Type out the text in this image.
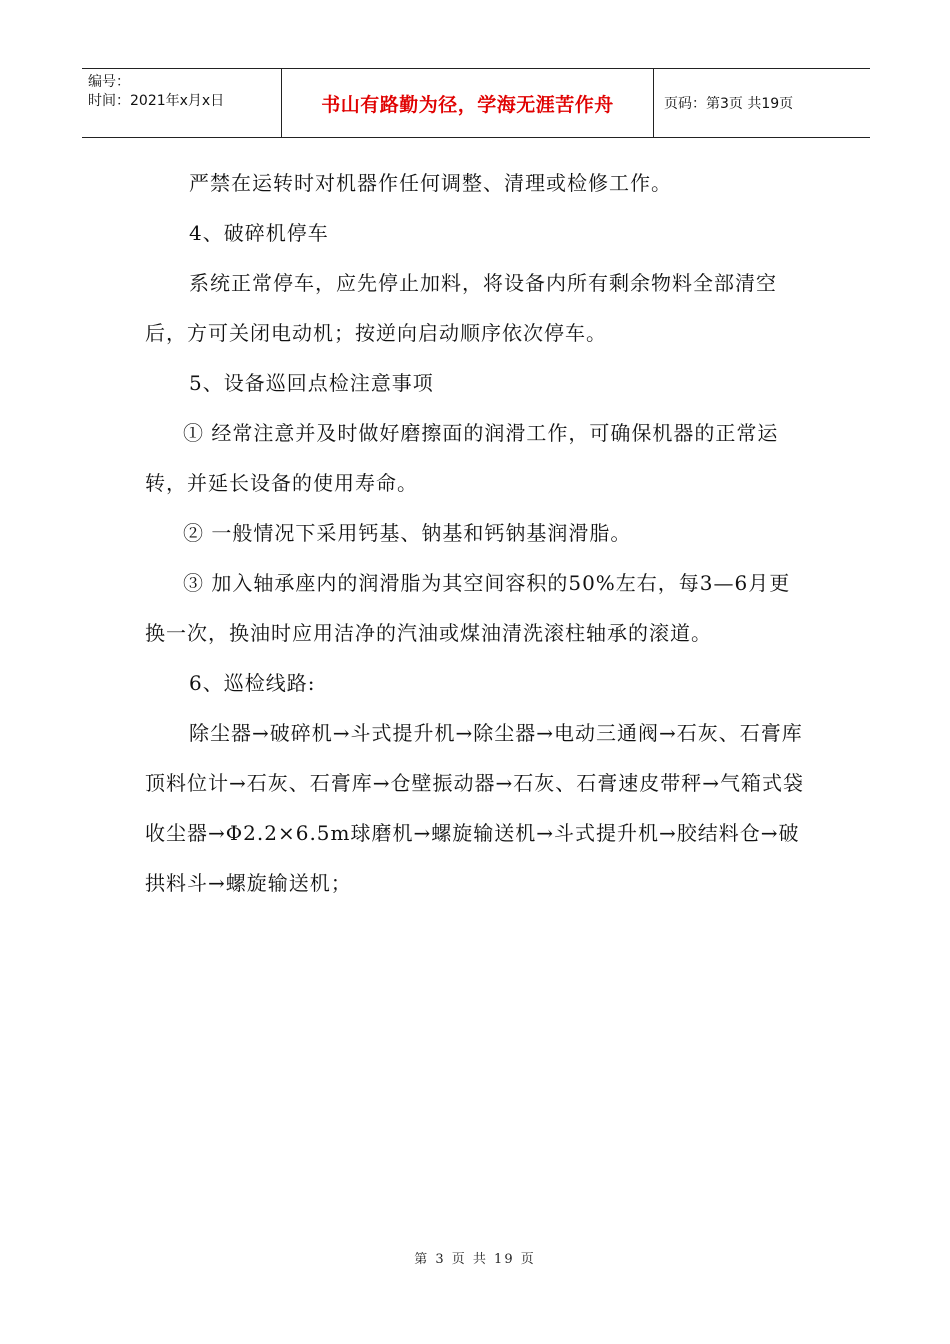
编号：
时间：2021年x月x日	书山有路勤为径，学海无涯苦作舟	页码：第3页 共19页

严禁在运转时对机器作任何调整、清理或检修工作。

4、破碎机停车

系统正常停车，应先停止加料，将设备内所有剩余物料全部清空后，方可关闭电动机；按逆向启动顺序依次停车。

5、设备巡回点检注意事项

① 经常注意并及时做好磨擦面的润滑工作，可确保机器的正常运转，并延长设备的使用寿命。

② 一般情况下采用钙基、钠基和钙钠基润滑脂。

③ 加入轴承座内的润滑脂为其空间容积的50%左右，每3—6月更换一次，换油时应用洁净的汽油或煤油清洗滚柱轴承的滚道。

6、巡检线路:

除尘器→破碎机→斗式提升机→除尘器→电动三通阀→石灰、石膏库顶料位计→石灰、石膏库→仓壁振动器→石灰、石膏速皮带秤→气箱式袋收尘器→Φ2.2×6.5m球磨机→螺旋输送机→斗式提升机→胶结料仓→破拱料斗→螺旋输送机；

第 3 页 共 19 页
